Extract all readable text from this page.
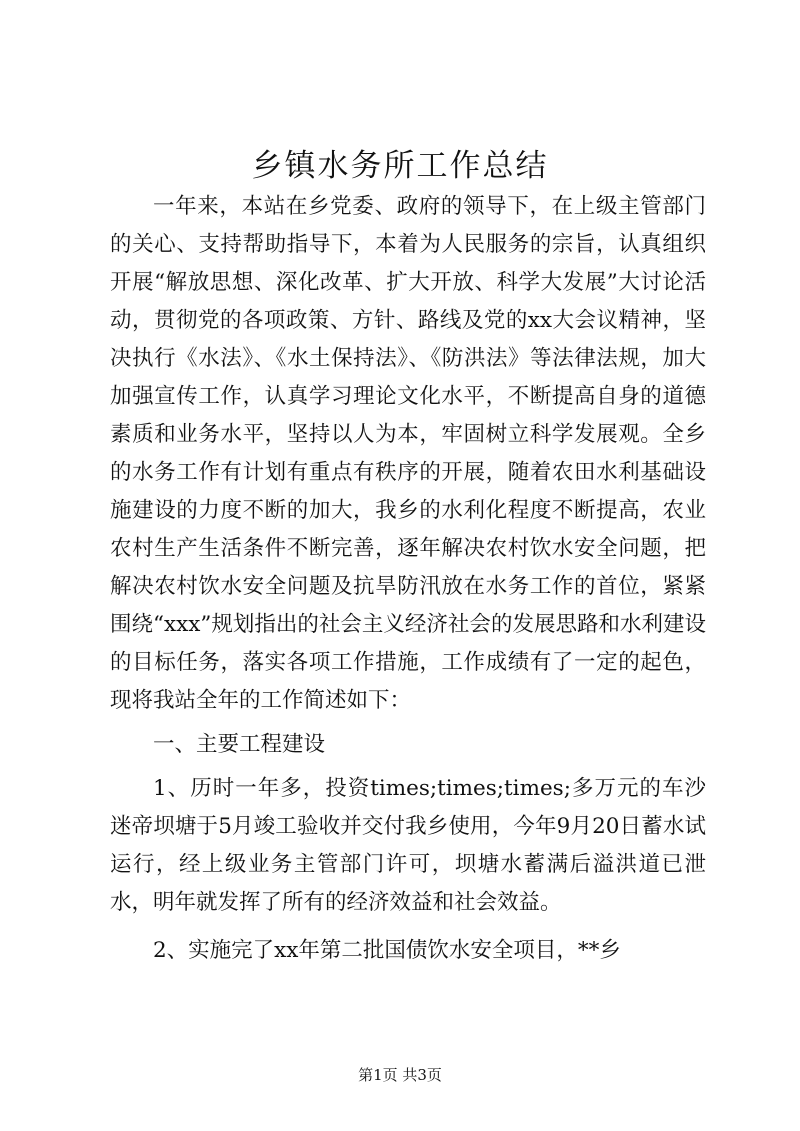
乡镇水务所工作总结

一年来，本站在乡党委、政府的领导下，在上级主管部门的关心、支持帮助指导下，本着为人民服务的宗旨，认真组织开展“解放思想、深化改革、扩大开放、科学大发展”大讨论活动，贯彻党的各项政策、方针、路线及党的xx大会议精神，坚决执行《水法》、《水土保持法》、《防洪法》等法律法规，加大加强宣传工作，认真学习理论文化水平，不断提高自身的道德素质和业务水平，坚持以人为本，牢固树立科学发展观。全乡的水务工作有计划有重点有秩序的开展，随着农田水利基础设施建设的力度不断的加大，我乡的水利化程度不断提高，农业农村生产生活条件不断完善，逐年解决农村饮水安全问题，把解决农村饮水安全问题及抗旱防汛放在水务工作的首位，紧紧围绕“xxx”规划指出的社会主义经济社会的发展思路和水利建设的目标任务，落实各项工作措施，工作成绩有了一定的起色，现将我站全年的工作简述如下：

一、主要工程建设

1、历时一年多，投资times;times;times;多万元的车沙迷帝坝塘于5月竣工验收并交付我乡使用，今年9月20日蓄水试运行，经上级业务主管部门许可，坝塘水蓄满后溢洪道已泄水，明年就发挥了所有的经济效益和社会效益。

2、实施完了xx年第二批国债饮水安全项目，**乡

第1页 共3页
